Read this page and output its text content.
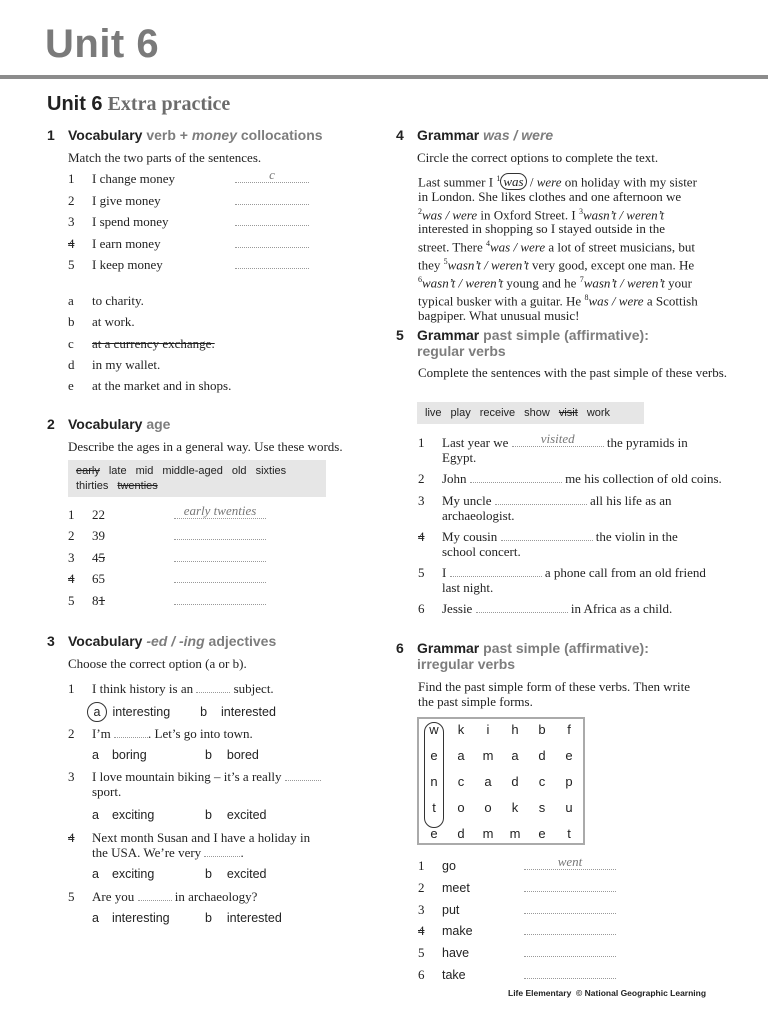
Unit 6
Unit 6 Extra practice
1 Vocabulary verb + money collocations
Match the two parts of the sentences.
1 I change money	c
2 I give money
3 I spend money
4 I earn money
5 I keep money
a to charity.
b at work.
c at a currency exchange.
d in my wallet.
e at the market and in shops.
2 Vocabulary age
Describe the ages in a general way. Use these words.
early late mid middle-aged old sixties
thirties twenties
1 22	early twenties
2 39
3 45
4 65
5 81
3 Vocabulary -ed / -ing adjectives
Choose the correct option (a or b).
1 I think history is an	subject.
a interesting b    interested
2 I’m	. Let’s go into town.
a boring	b bored
3 I love mountain biking – it’s a really
sport.
a exciting	b excited
4 Next month Susan and I have a holiday in
the USA. We’re very	.
a exciting	b excited
5 Are you	in archaeology?
a interesting	b interested
4 Grammar was / were
Circle the correct options to complete the text.
Last summer I $^1$ was / were on holiday with my sister
in London. She likes clothes and one afternoon we
$^2$was / were in Oxford Street. I $^3$wasn’t / weren’t
interested in shopping so I stayed outside in the
street. There $^4$was / were a lot of street musicians, but
they $^5$wasn’t / weren’t very good, except one man. He
$^6$wasn’t / weren’t young and he $^7$wasn’t / weren’t your
typical busker with a guitar. He $^8$was / were a Scottish
bagpiper. What unusual music!
5 Grammar past simple (affirmative):
regular verbs
Complete the sentences with the past simple of these verbs.
live play receive show visit work
1 Last year we	visited	the pyramids in
Egypt.
2 John	me his collection of old coins.
3 My uncle	all his life as an
archaeologist.
4 My cousin	the violin in the
school concert.
5 I	a phone call from an old friend
last night.
6 Jessie	in Africa as a child.
6 Grammar past simple (affirmative):
irregular verbs
Find the past simple form of these verbs. Then write
the past simple forms.
w	k	i	h	b	f
e	a	m	a	d	e
n	c	a	d	c	p
t	o	o	k	s	u
e	d	m	m	e	t
1 go	went
2 meet
3 put
4 make
5 have
6 take
Life Elementary © National Geographic Learning
